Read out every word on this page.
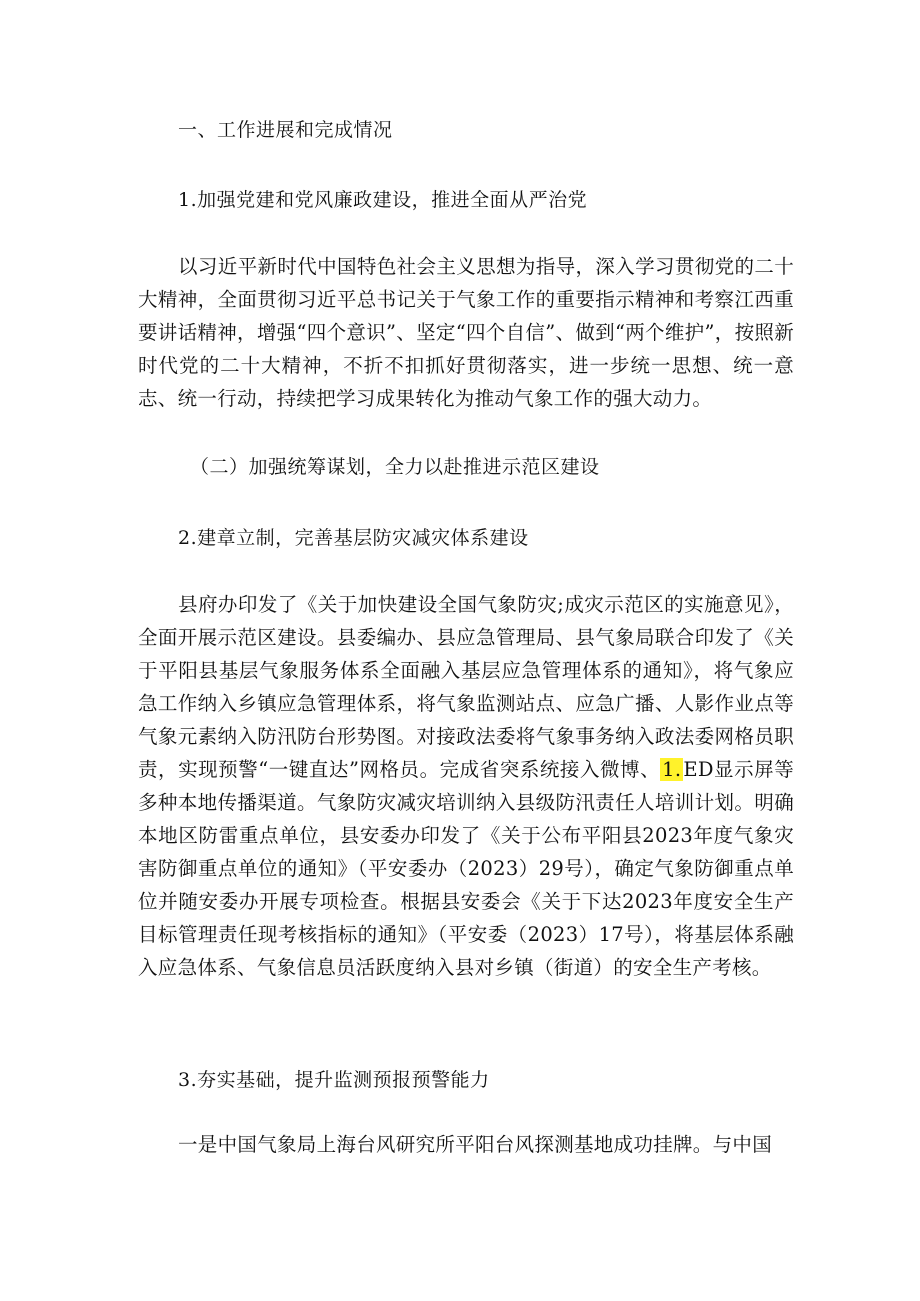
一、工作进展和完成情况
1.加强党建和党风廉政建设，推进全面从严治党

以习近平新时代中国特色社会主义思想为指导，深入学习贯彻党的二十大精神，全面贯彻习近平总书记关于气象工作的重要指示精神和考察江西重要讲话精神，增强“四个意识”、坚定“四个自信”、做到“两个维护”，按照新时代党的二十大精神，不折不扣抓好贯彻落实，进一步统一思想、统一意志、统一行动，持续把学习成果转化为推动气象工作的强大动力。

（二）加强统筹谋划，全力以赴推进示范区建设
2.建章立制，完善基层防灾减灾体系建设

县府办印发了《关于加快建设全国气象防灾;成灾示范区的实施意见》，全面开展示范区建设。县委编办、县应急管理局、县气象局联合印发了《关于平阳县基层气象服务体系全面融入基层应急管理体系的通知》，将气象应急工作纳入乡镇应急管理体系，将气象监测站点、应急广播、人影作业点等气象元素纳入防汛防台形势图。对接政法委将气象事务纳入政法委网格员职责，实现预警“一键直达”网格员。完成省突系统接入微博、 1. ED显示屏等多种本地传播渠道。气象防灾减灾培训纳入县级防汛责任人培训计划。明确本地区防雷重点单位，县安委办印发了《关于公布平阳县2023年度气象灾害防御重点单位的通知》（平安委办（2023）29号），确定气象防御重点单位并随安委办开展专项检查。根据县安委会《关于下达2023年度安全生产目标管理责任现考核指标的通知》（平安委（2023）17号），将基层体系融入应急体系、气象信息员活跃度纳入县对乡镇（街道）的安全生产考核。

3.夯实基础，提升监测预报预警能力

一是中国气象局上海台风研究所平阳台风探测基地成功挂牌。与中国
